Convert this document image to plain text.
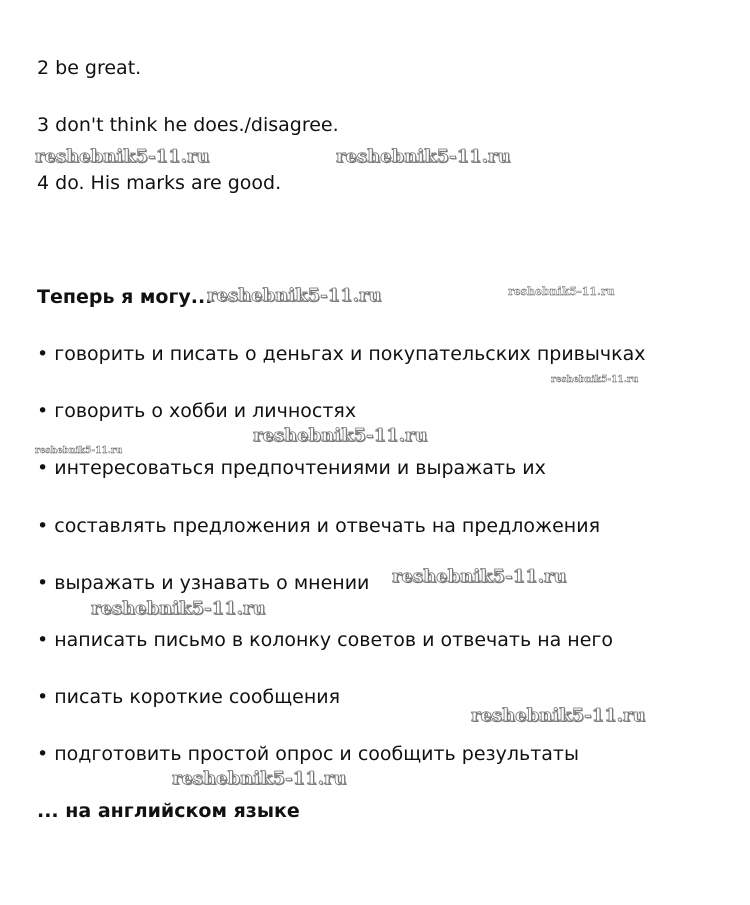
2 be great.
3 don't think he does./disagree.
4 do. His marks are good.
Теперь я могу...
• говорить и писать о деньгах и покупательских привычках
• говорить о хобби и личностях
• интересоваться предпочтениями и выражать их
• составлять предложения и отвечать на предложения
• выражать и узнавать о мнении
• написать письмо в колонку советов и отвечать на него
• писать короткие сообщения
• подготовить простой опрос и сообщить результаты
... на английском языке
reshebnik5-11.ru	reshebnik5-11.ru
reshebnik5-11.ru	reshebnik5-11.ru
reshebnik5-11.ru
reshebnik5-11.ru
reshebnik5-11.ru
reshebnik5-11.ru
reshebnik5-11.ru
reshebnik5-11.ru
reshebnik5-11.ru
